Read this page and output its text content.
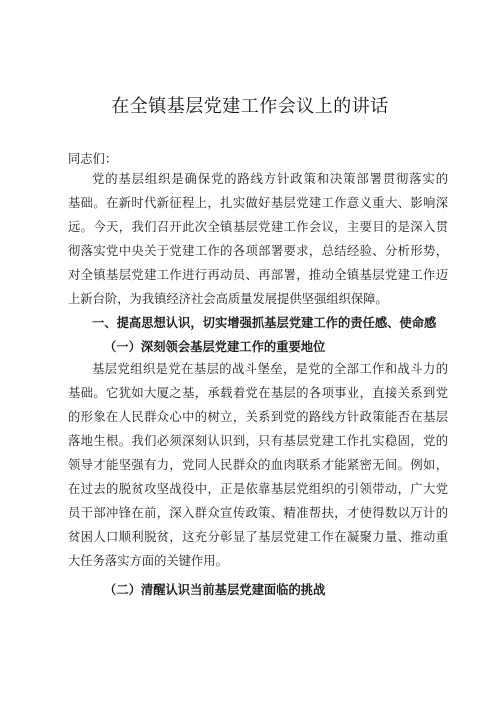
在全镇基层党建工作会议上的讲话
同志们：
党的基层组织是确保党的路线方针政策和决策部署贯彻落实的
基础。在新时代新征程上，扎实做好基层党建工作意义重大、影响深
远。今天，我们召开此次全镇基层党建工作会议，主要目的是深入贯
彻落实党中央关于党建工作的各项部署要求，总结经验、分析形势，
对全镇基层党建工作进行再动员、再部署，推动全镇基层党建工作迈
上新台阶，为我镇经济社会高质量发展提供坚强组织保障。
一、提高思想认识，切实增强抓基层党建工作的责任感、使命感
（一）深刻领会基层党建工作的重要地位
基层党组织是党在基层的战斗堡垒，是党的全部工作和战斗力的
基础。它犹如大厦之基，承载着党在基层的各项事业，直接关系到党
的形象在人民群众心中的树立，关系到党的路线方针政策能否在基层
落地生根。我们必须深刻认识到，只有基层党建工作扎实稳固，党的
领导才能坚强有力，党同人民群众的血肉联系才能紧密无间。例如，
在过去的脱贫攻坚战役中，正是依靠基层党组织的引领带动，广大党
员干部冲锋在前，深入群众宣传政策、精准帮扶，才使得数以万计的
贫困人口顺利脱贫，这充分彰显了基层党建工作在凝聚力量、推动重
大任务落实方面的关键作用。
（二）清醒认识当前基层党建面临的挑战
